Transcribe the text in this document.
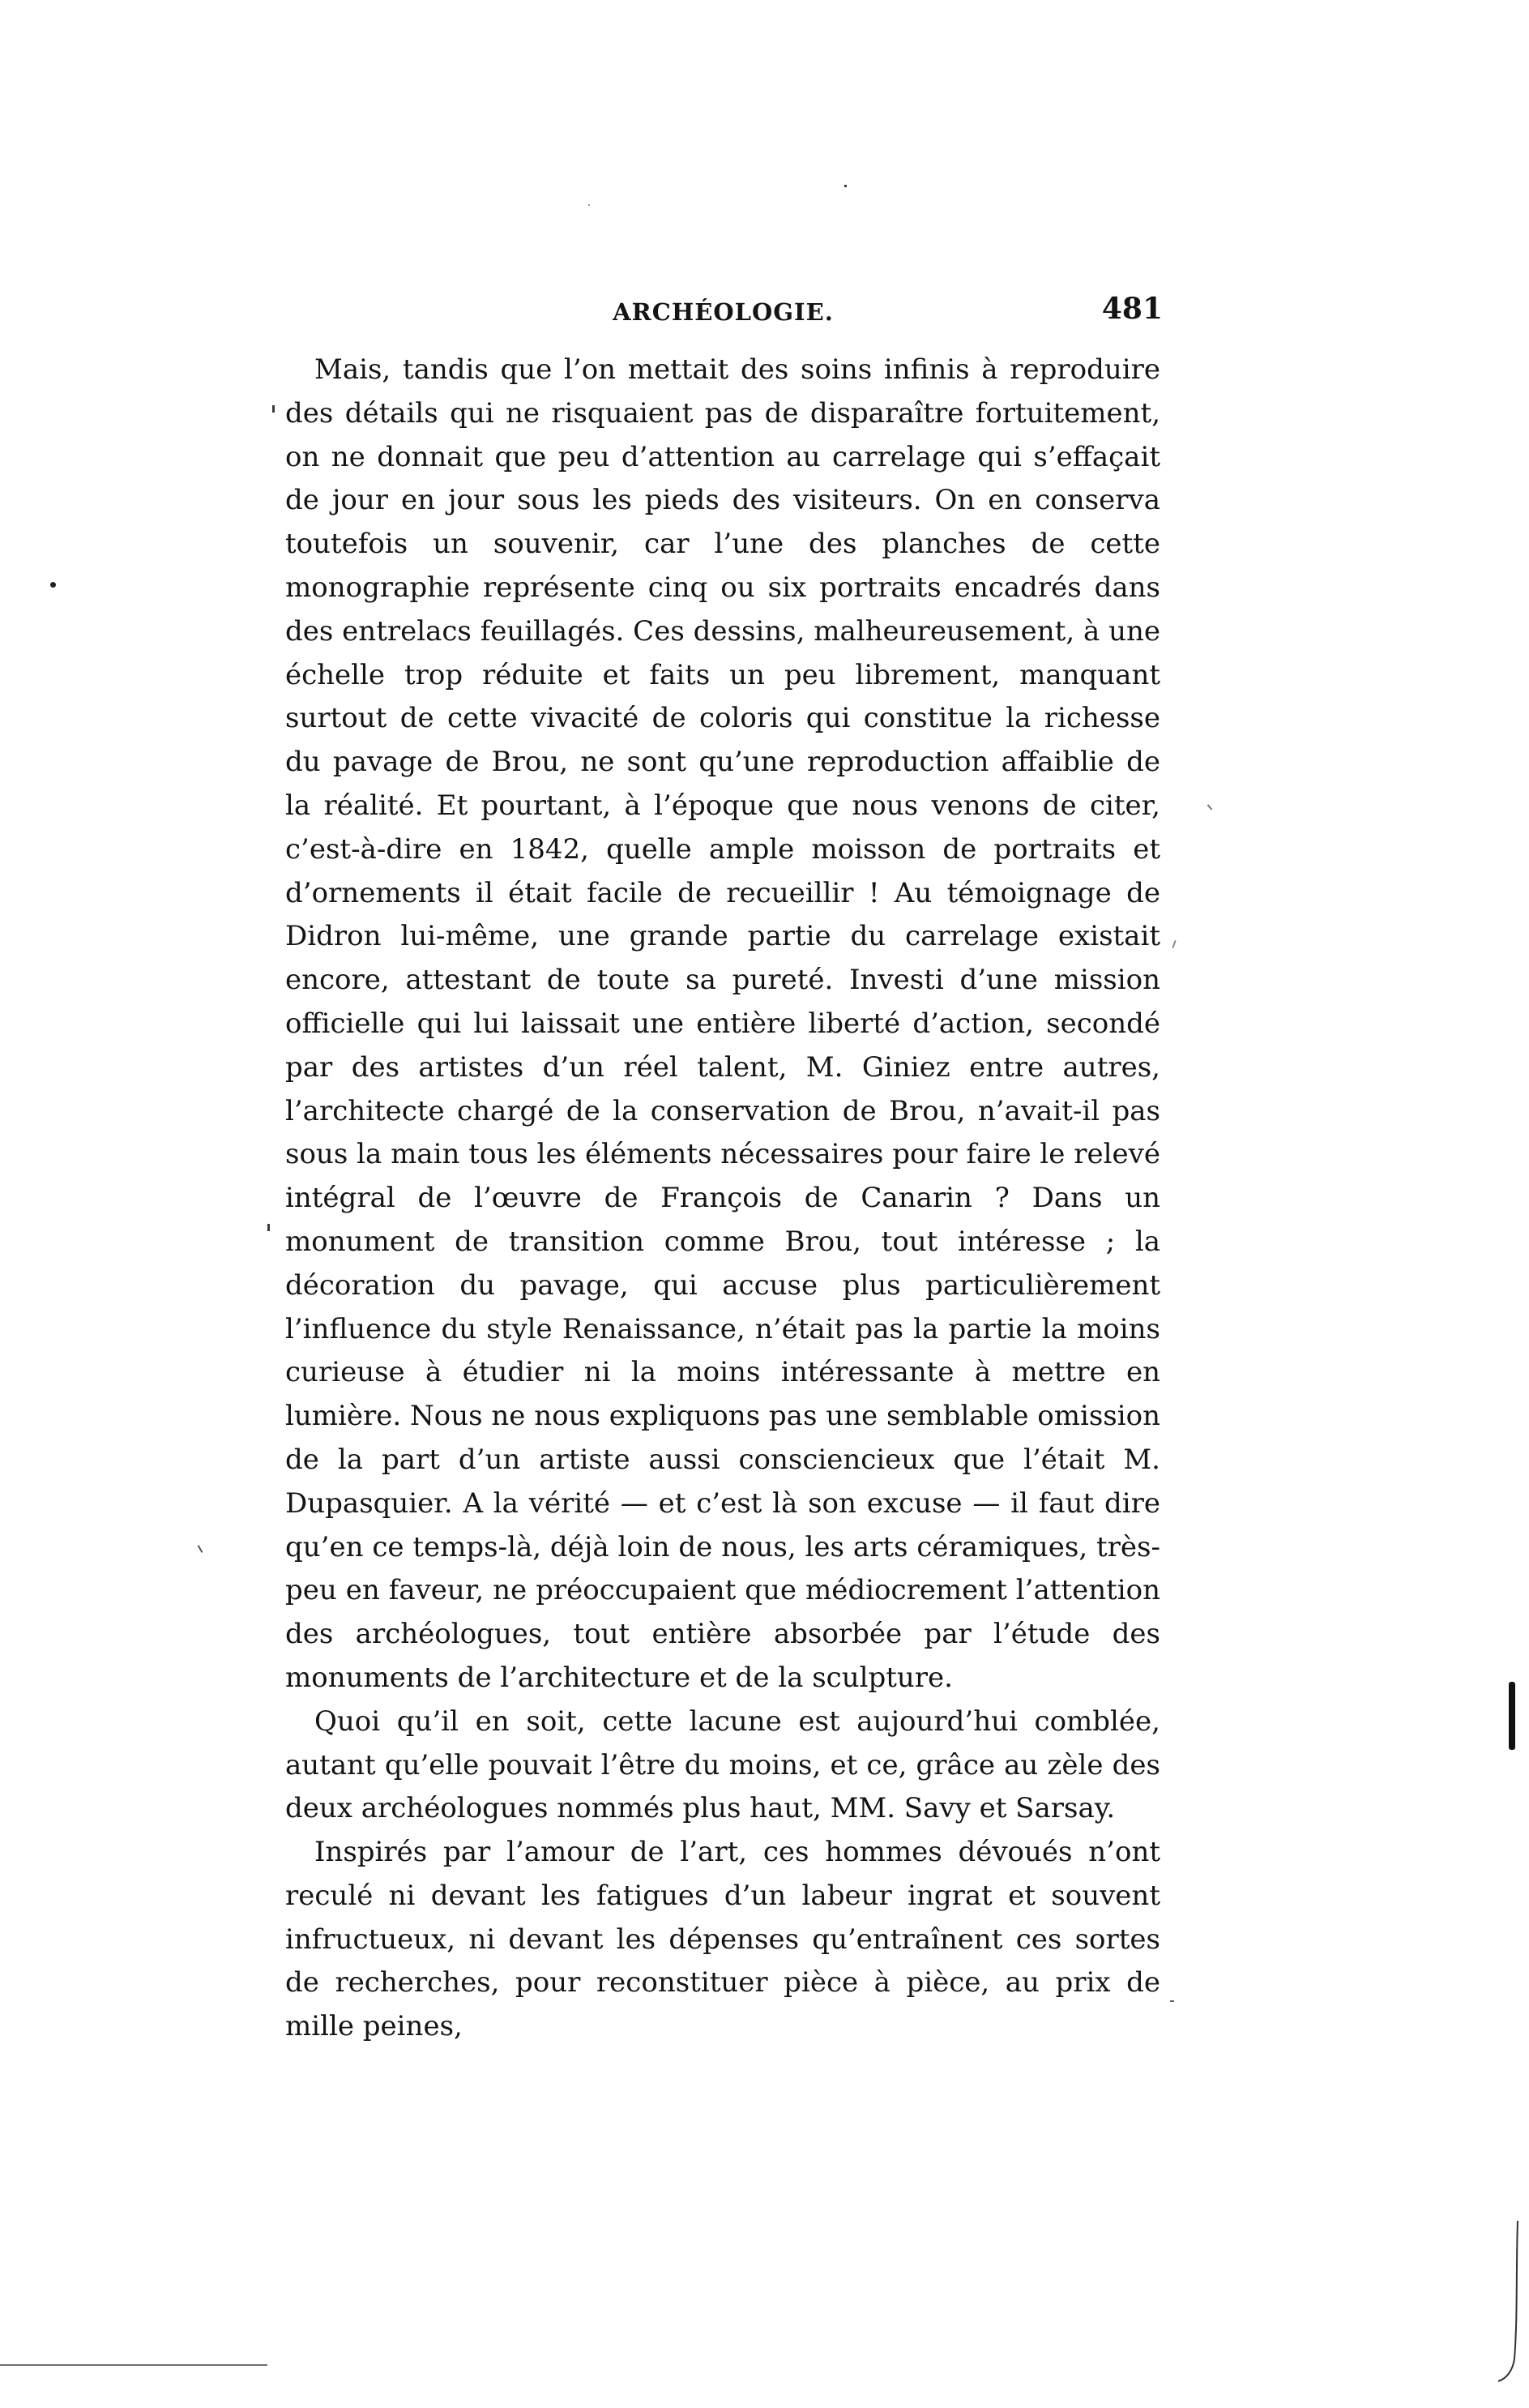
ARCHÉOLOGIE.	481

Mais, tandis que l’on mettait des soins infinis à reproduire des détails qui ne risquaient pas de disparaître fortuitement, on ne donnait que peu d’attention au carrelage qui s’effaçait de jour en jour sous les pieds des visiteurs. On en conserva toutefois un souvenir, car l’une des planches de cette monographie représente cinq ou six portraits encadrés dans des entrelacs feuillagés. Ces dessins, malheureusement, à une échelle trop réduite et faits un peu librement, manquant surtout de cette vivacité de coloris qui constitue la richesse du pavage de Brou, ne sont qu’une reproduction affaiblie de la réalité. Et pourtant, à l’époque que nous venons de citer, c’est-à-dire en 1842, quelle ample moisson de portraits et d’ornements il était facile de recueillir ! Au témoignage de Didron lui-même, une grande partie du carrelage existait encore, attestant de toute sa pureté. Investi d’une mission officielle qui lui laissait une entière liberté d’action, secondé par des artistes d’un réel talent, M. Giniez entre autres, l’architecte chargé de la conservation de Brou, n’avait-il pas sous la main tous les éléments nécessaires pour faire le relevé intégral de l’œuvre de François de Canarin ? Dans un monument de transition comme Brou, tout intéresse ; la décoration du pavage, qui accuse plus particulièrement l’influence du style Renaissance, n’était pas la partie la moins curieuse à étudier ni la moins intéressante à mettre en lumière. Nous ne nous expliquons pas une semblable omission de la part d’un artiste aussi consciencieux que l’était M. Dupasquier. A la vérité — et c’est là son excuse — il faut dire qu’en ce temps-là, déjà loin de nous, les arts céramiques, très-peu en faveur, ne préoccupaient que médiocrement l’attention des archéologues, tout entière absorbée par l’étude des monuments de l’architecture et de la sculpture.

Quoi qu’il en soit, cette lacune est aujourd’hui comblée, autant qu’elle pouvait l’être du moins, et ce, grâce au zèle des deux archéologues nommés plus haut, MM. Savy et Sarsay.

Inspirés par l’amour de l’art, ces hommes dévoués n’ont reculé ni devant les fatigues d’un labeur ingrat et souvent infructueux, ni devant les dépenses qu’entraînent ces sortes de recherches, pour reconstituer pièce à pièce, au prix de mille peines,
